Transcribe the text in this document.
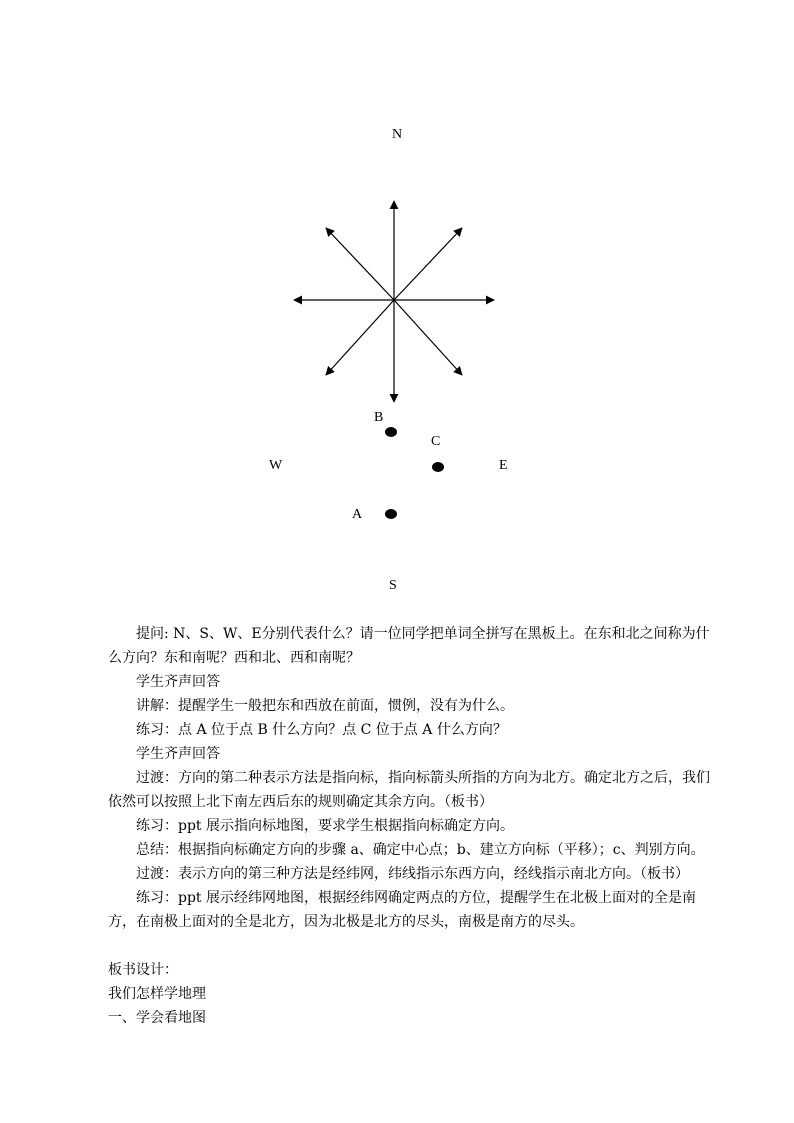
N
B
C
W	E
A
S
提问: N、S、W、E分别代表什么？请一位同学把单词全拼写在黑板上。在东和北之间称为什么方向？东和南呢？西和北、西和南呢？
学生齐声回答
讲解：提醒学生一般把东和西放在前面，惯例，没有为什么。
练习：点 A 位于点 B 什么方向？点 C 位于点 A 什么方向？
学生齐声回答
过渡：方向的第二种表示方法是指向标，指向标箭头所指的方向为北方。确定北方之后，我们依然可以按照上北下南左西后东的规则确定其余方向。（板书）
练习：ppt 展示指向标地图，要求学生根据指向标确定方向。
总结：根据指向标确定方向的步骤 a、确定中心点；b、建立方向标（平移）；c、判别方向。
过渡：表示方向的第三种方法是经纬网，纬线指示东西方向，经线指示南北方向。（板书）
练习：ppt 展示经纬网地图，根据经纬网确定两点的方位，提醒学生在北极上面对的全是南方，在南极上面对的全是北方，因为北极是北方的尽头，南极是南方的尽头。
板书设计：
我们怎样学地理
一、学会看地图
